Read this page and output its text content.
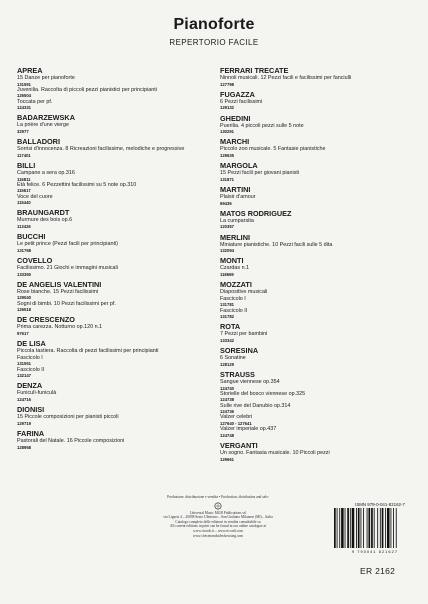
Pianoforte
REPERTORIO FACILE
APREA
15 Danze per pianoforte
131591
Juvenilia. Raccolta di piccoli pezzi pianistici per principianti
126504
Toccata per pf.
124331
BADARZEWSKA
La prière d'une vierge
32977
BALLADORI
Sorrisi d'innocenza. 8 Ricreazioni facilissime, melodiche e progressive
117401
BILLI
Campane a sera op.316
116811
Età felice. 6 Pezzettini facilissimi su 5 note op.310
115617
Voce del cuore
115440
BRAUNGARDT
Murmure des bois op.6
113426
BUCCHI
Le petit prince (Pezzi facili per principianti)
131768
COVELLO
Facilissimo. 21 Giochi e immagini musicali
133350
DE ANGELIS VALENTINI
Rose bianche. 15 Pezzi facilissimi
129040
Sogni di bimbi. 10 Pezzi facilissimi per pf.
126518
DE CRESCENZO
Prima carezza. Notturno op.120 n.1
97617
DE LISA
Piccola tastiera. Raccolta di pezzi facilissimi per principianti
Fascicolo I
131551
Fascicolo II
132147
DENZA
Funiculì-funiculà
124716
DIONISI
15 Piccole composizioni per pianisti piccoli
129719
FARINA
Pastorali del Natale. 16 Piccole composizioni
128958
FERRARI TRECATE
Ninnoli musicali. 12 Pezzi facili e facilissimi per fanciulli
127798
FUGAZZA
6 Pezzi facilissimi
129132
GHEDINI
Puerilia. 4 piccoli pezzi sulle 5 note
130291
MARCHI
Piccolo zoo musicale. 5 Fantasie pianistiche
129635
MARGOLA
15 Pezzi facili per giovani pianisti
131871
MARTINI
Plaisir d'amour
69436
MATOS RODRIGUEZ
La cumparsita
120357
MERLINI
Miniature pianistiche. 10 Pezzi facili sulle 5 dita
132094
MONTI
Czardas n.1
118669
MOZZATI
Diapositive musicali
Fascicolo I
131781
Fascicolo II
131782
ROTA
7 Pezzi per bambini
133342
SORESINA
6 Sonatine
128129
STRAUSS
Sangue viennese op.354
124740
Storielle del bosco viennese op.325
124738
Sulle rive del Danubio op.314
124736
Valzer celebri
127640 - 127641
Valzer imperiale op.437
124748
VERGANTI
Un sogno. Fantasia musicale. 10 Piccoli pezzi
129661
Produzione, distribuzione e vendita • Production, distribution and sale:
Universal Music MGB Publications srl
via Liguria 4 – 20098 Sesto Ulteriano – San Giuliano Milanese (MI) – Italia
Catalogo completo delle edizioni in vendita consultabile su
All current editions in print can be found in our online catalogue at
www.ricordi.it – www.ricordi.com
www.chesterandsideshowsing.com
ISMN 979-0-041-82162-7
9 790041 821627
ER 2162
